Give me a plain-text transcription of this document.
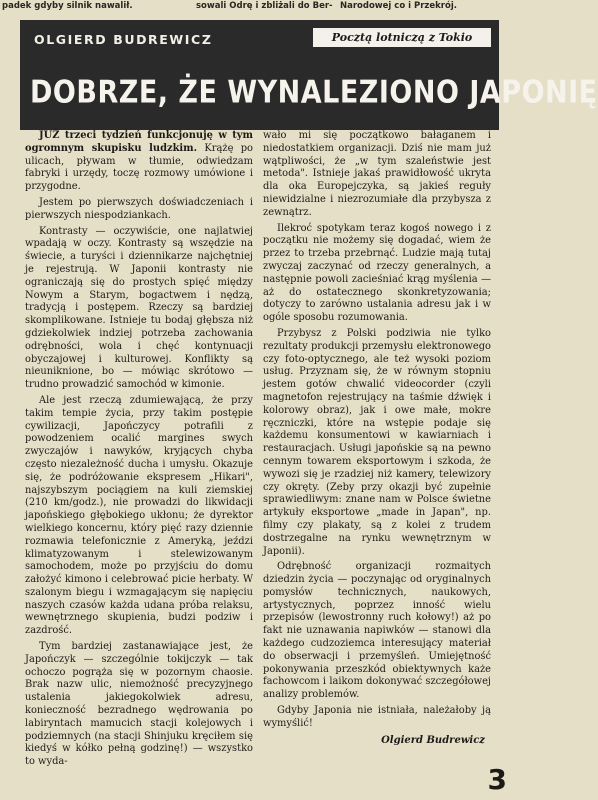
padek gdyby silnik nawalił.	sowali Odrę i zbliżali do Ber- Narodowej co i Przekrój.
OLGIERD BUDREWICZ	Pocztą lotniczą z Tokio
DOBRZE, ŻE WYNALEZIONO JAPONIĘ

JUŻ trzeci tydzień funkcjonuję w tym ogromnym skupisku ludzkim. Krążę po ulicach, pływam w tłumie, odwiedzam fabryki i urzędy, toczę rozmowy umówione i przygodne.

Jestem po pierwszych doświadczeniach i pierwszych niespodziankach.

Kontrasty — oczywiście, one najlatwiej wpadają w oczy. Kontrasty są wszędzie na świecie, a turyści i dziennikarze najchętniej je rejestrują. W Japonii kontrasty nie ograniczają się do prostych spięć między Nowym a Starym, bogactwem i nędzą, tradycją i postępem. Rzeczy są bardziej skomplikowane. Istnieje tu bodaj głębsza niż gdziekolwiek indziej potrzeba zachowania odrębności, wola i chęć kontynuacji obyczajowej i kulturowej. Konflikty są nieuniknione, bo — mówiąc skrótowo — trudno prowadzić samochód w kimonie.

Ale jest rzeczą zdumiewającą, że przy takim tempie życia, przy takim postępie cywilizacji, Japończycy potrafili z powodzeniem ocalić margines swych zwyczajów i nawyków, kryjących chyba często niezależność ducha i umysłu. Okazuje się, że podróżowanie ekspresem „Hikari", najszybszym pociągiem na kuli ziemskiej (210 km/godz.), nie prowadzi do likwidacji japońskiego głębokiego ukłonu; że dyrektor wielkiego koncernu, który pięć razy dziennie rozmawia telefonicznie z Ameryką, jeździ klimatyzowanym i stelewizowanym samochodem, może po przyjściu do domu założyć kimono i celebrować picie herbaty. W szalonym biegu i wzmagającym się napięciu naszych czasów każda udana próba relaksu, wewnętrznego skupienia, budzi podziw i zazdrość.

Tym bardziej zastanawiające jest, że Japończyk — szczególnie tokijczyk — tak ochoczo pogrąża się w pozornym chaosie. Brak nazw ulic, niemożność precyzyjnego ustalenia jakiegokolwiek adresu, konieczność bezradnego wędrowania po labiryntach mamucich stacji kolejowych i podziemnych (na stacji Shinjuku kręciłem się kiedyś w kółko pełną godzinę!) — wszystko to wyda-

wało mi się początkowo bałaganem i niedostatkiem organizacji. Dziś nie mam już wątpliwości, że „w tym szaleństwie jest metoda". Istnieje jakaś prawidłowość ukryta dla oka Europejczyka, są jakieś reguły niewidzialne i niezrozumiałe dla przybysza z zewnątrz.

Ilekroć spotykam teraz kogoś nowego i z początku nie możemy się dogadać, wiem że przez to trzeba przebrnąć. Ludzie mają tutaj zwyczaj zaczynać od rzeczy generalnych, a następnie powoli zacieśniać krąg myślenia — aż do ostatecznego skonkretyzowania; dotyczy to zarówno ustalania adresu jak i w ogóle sposobu rozumowania.

Przybysz z Polski podziwia nie tylko rezultaty produkcji przemysłu elektronowego czy foto-optycznego, ale też wysoki poziom usług. Przyznam się, że w równym stopniu jestem gotów chwalić videocorder (czyli magnetofon rejestrujący na taśmie dźwięk i kolorowy obraz), jak i owe małe, mokre ręczniczki, które na wstępie podaje się każdemu konsumentowi w kawiarniach i restauracjach. Usługi japońskie są na pewno cennym towarem eksportowym i szkoda, że wywozi się je rzadziej niż kamery, telewizory czy okręty. (Zeby przy okazji być zupełnie sprawiedliwym: znane nam w Polsce świetne artykuły eksportowe „made in Japan", np. filmy czy plakaty, są z kolei z trudem dostrzegalne na rynku wewnętrznym w Japonii).

Odrębność organizacji rozmaitych dziedzin życia — poczynając od oryginalnych pomysłów technicznych, naukowych, artystycznych, poprzez inność wielu przepisów (lewostronny ruch kołowy!) aż po fakt nie uznawania napiwków — stanowi dla każdego cudzoziemca interesujący materiał do obserwacji i przemyśleń. Umiejętność pokonywania przeszkód obiektywnych każe fachowcom i laikom dokonywać szczegółowej analizy problemów.

Gdyby Japonia nie istniała, należałoby ją wymyślić!

Olgierd Budrewicz
3
